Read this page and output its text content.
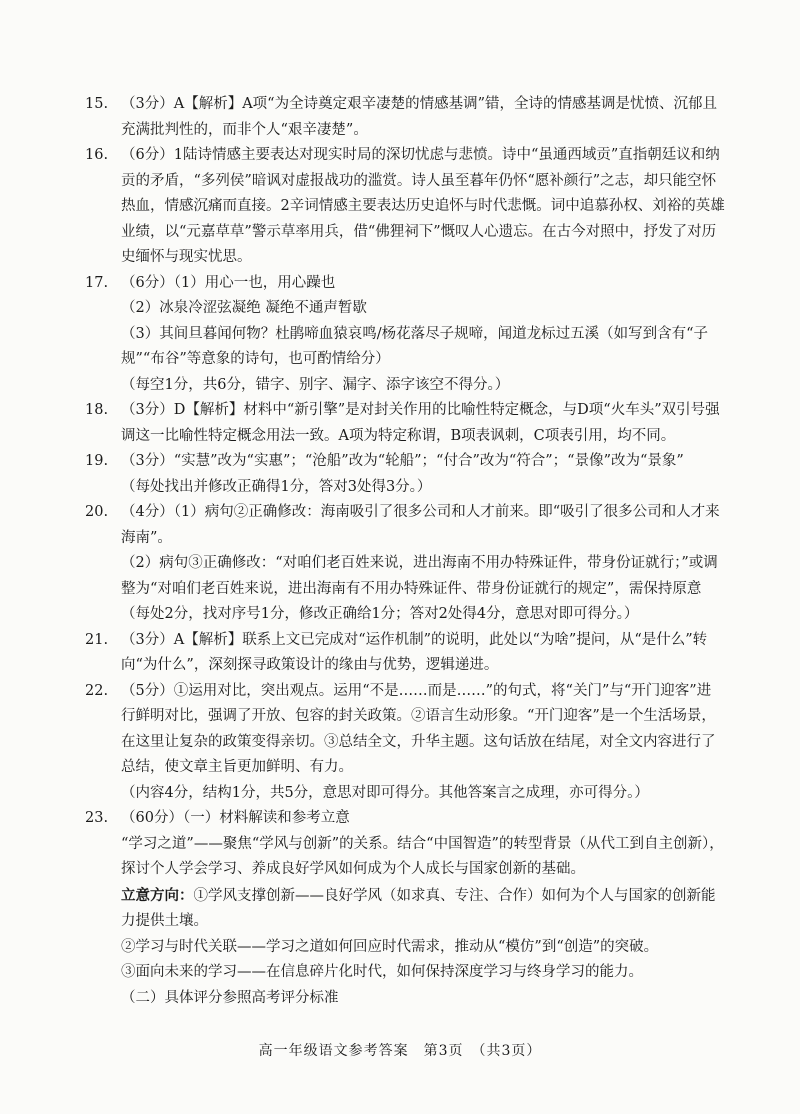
15. （3分）A【解析】A项“为全诗奠定艰辛凄楚的情感基调”错，全诗的情感基调是忧愤、沉郁且充满批判性的，而非个人“艰辛凄楚”。

16. （6分）1陆诗情感主要表达对现实时局的深切忧虑与悲愤。诗中“虽通西域贡”直指朝廷议和纳贡的矛盾，“多列侯”暗讽对虚报战功的滥赏。诗人虽至暮年仍怀“愿补颜行”之志，却只能空怀热血，情感沉痛而直接。2辛词情感主要表达历史追怀与时代悲慨。词中追慕孙权、刘裕的英雄业绩，以“元嘉草草”警示草率用兵，借“佛狸祠下”慨叹人心遗忘。在古今对照中，抒发了对历史缅怀与现实忧思。

17. （6分）（1）用心一也，用心躁也

（2）冰泉冷涩弦凝绝 凝绝不通声暂歇

（3）其间旦暮闻何物？杜鹃啼血猿哀鸣/杨花落尽子规啼，闻道龙标过五溪（如写到含有“子规”“布谷”等意象的诗句，也可酌情给分）

（每空1分，共6分，错字、别字、漏字、添字该空不得分。）

18. （3分）D【解析】材料中“新引擎”是对封关作用的比喻性特定概念，与D项“火车头”双引号强调这一比喻性特定概念用法一致。A项为特定称谓，B项表讽刺，C项表引用，均不同。

19. （3分）“实慧”改为“实惠”；“沧船”改为“轮船”；“付合”改为“符合”；“景像”改为“景象”

（每处找出并修改正确得1分，答对3处得3分。）

20. （4分）（1）病句②正确修改：海南吸引了很多公司和人才前来。即“吸引了很多公司和人才来海南”。

（2）病句③正确修改：“对咱们老百姓来说，进出海南不用办特殊证件，带身份证就行；”或调整为“对咱们老百姓来说，进出海南有不用办特殊证件、带身份证就行的规定”，需保持原意

（每处2分，找对序号1分，修改正确给1分；答对2处得4分，意思对即可得分。）

21. （3分）A【解析】联系上文已完成对“运作机制”的说明，此处以“为啥”提问，从“是什么”转向“为什么”，深刻探寻政策设计的缘由与优势，逻辑递进。

22. （5分）①运用对比，突出观点。运用“不是……而是……”的句式，将“关门”与“开门迎客”进行鲜明对比，强调了开放、包容的封关政策。②语言生动形象。“开门迎客”是一个生活场景，在这里让复杂的政策变得亲切。③总结全文，升华主题。这句话放在结尾，对全文内容进行了总结，使文章主旨更加鲜明、有力。

（内容4分，结构1分，共5分，意思对即可得分。其他答案言之成理，亦可得分。）

23. （60分）（一）材料解读和参考立意

“学习之道”——聚焦“学风与创新”的关系。结合“中国智造”的转型背景（从代工到自主创新），探讨个人学会学习、养成良好学风如何成为个人成长与国家创新的基础。

立意方向：①学风支撑创新——良好学风（如求真、专注、合作）如何为个人与国家的创新能力提供土壤。

②学习与时代关联——学习之道如何回应时代需求，推动从“模仿”到“创造”的突破。

③面向未来的学习——在信息碎片化时代，如何保持深度学习与终身学习的能力。

（二）具体评分参照高考评分标准

高一年级语文参考答案　第3页　（共3页）
